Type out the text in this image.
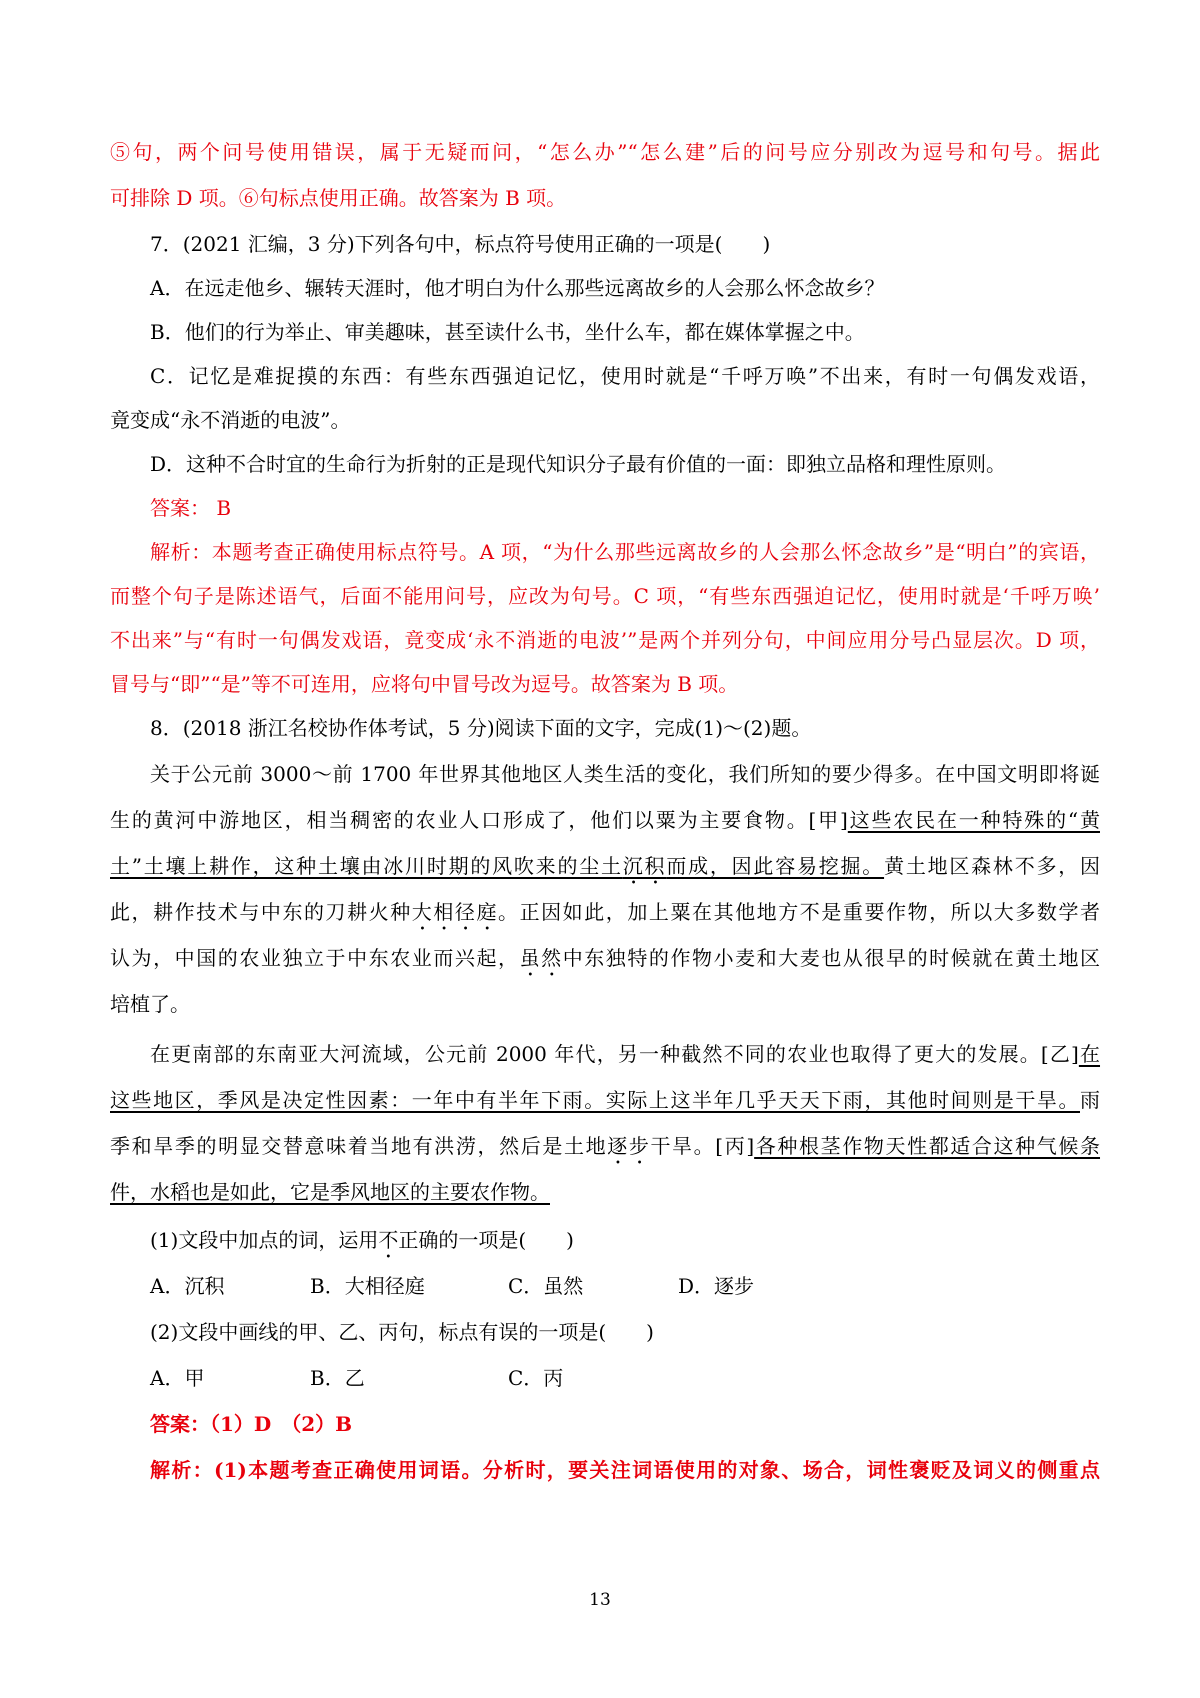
⑤句，两个问号使用错误，属于无疑而问，“怎么办”“怎么建”后的问号应分别改为逗号和句号。据此
可排除 D 项。⑥句标点使用正确。故答案为 B 项。
7．(2021 汇编，3 分)下列各句中，标点符号使用正确的一项是(　　)
A．在远走他乡、辗转天涯时，他才明白为什么那些远离故乡的人会那么怀念故乡？
B．他们的行为举止、审美趣味，甚至读什么书，坐什么车，都在媒体掌握之中。
C．记忆是难捉摸的东西：有些东西强迫记忆，使用时就是“千呼万唤”不出来，有时一句偶发戏语，
竟变成“永不消逝的电波”。
D．这种不合时宜的生命行为折射的正是现代知识分子最有价值的一面：即独立品格和理性原则。
答案： B
解析：本题考查正确使用标点符号。A 项，“为什么那些远离故乡的人会那么怀念故乡”是“明白”的宾语，
而整个句子是陈述语气，后面不能用问号，应改为句号。C 项，“有些东西强迫记忆，使用时就是‘千呼万唤’
不出来”与“有时一句偶发戏语，竟变成‘永不消逝的电波’”是两个并列分句，中间应用分号凸显层次。D 项，
冒号与“即”“是”等不可连用，应将句中冒号改为逗号。故答案为 B 项。
8．(2018 浙江名校协作体考试，5 分)阅读下面的文字，完成(1)～(2)题。
关于公元前 3000～前 1700 年世界其他地区人类生活的变化，我们所知的要少得多。在中国文明即将诞
生的黄河中游地区，相当稠密的农业人口形成了，他们以粟为主要食物。[甲]这些农民在一种特殊的“黄
土”土壤上耕作，这种土壤由冰川时期的风吹来的尘土沉积而成，因此容易挖掘。黄土地区森林不多，因
此，耕作技术与中东的刀耕火种大相径庭。正因如此，加上粟在其他地方不是重要作物，所以大多数学者
认为，中国的农业独立于中东农业而兴起，虽然中东独特的作物小麦和大麦也从很早的时候就在黄土地区
培植了。
在更南部的东南亚大河流域，公元前 2000 年代，另一种截然不同的农业也取得了更大的发展。[乙]在
这些地区，季风是决定性因素：一年中有半年下雨。实际上这半年几乎天天下雨，其他时间则是干旱。雨
季和旱季的明显交替意味着当地有洪涝，然后是土地逐步干旱。[丙]各种根茎作物天性都适合这种气候条
件，水稻也是如此，它是季风地区的主要农作物。
(1)文段中加点的词，运用不正确的一项是(　　)
A．沉积	B．大相径庭	C．虽然	D．逐步
(2)文段中画线的甲、乙、丙句，标点有误的一项是(　　)
A．甲	B．乙	C．丙
答案：（1）D　（2）B
解析：(1)本题考查正确使用词语。分析时，要关注词语使用的对象、场合，词性褒贬及词义的侧重点
13
